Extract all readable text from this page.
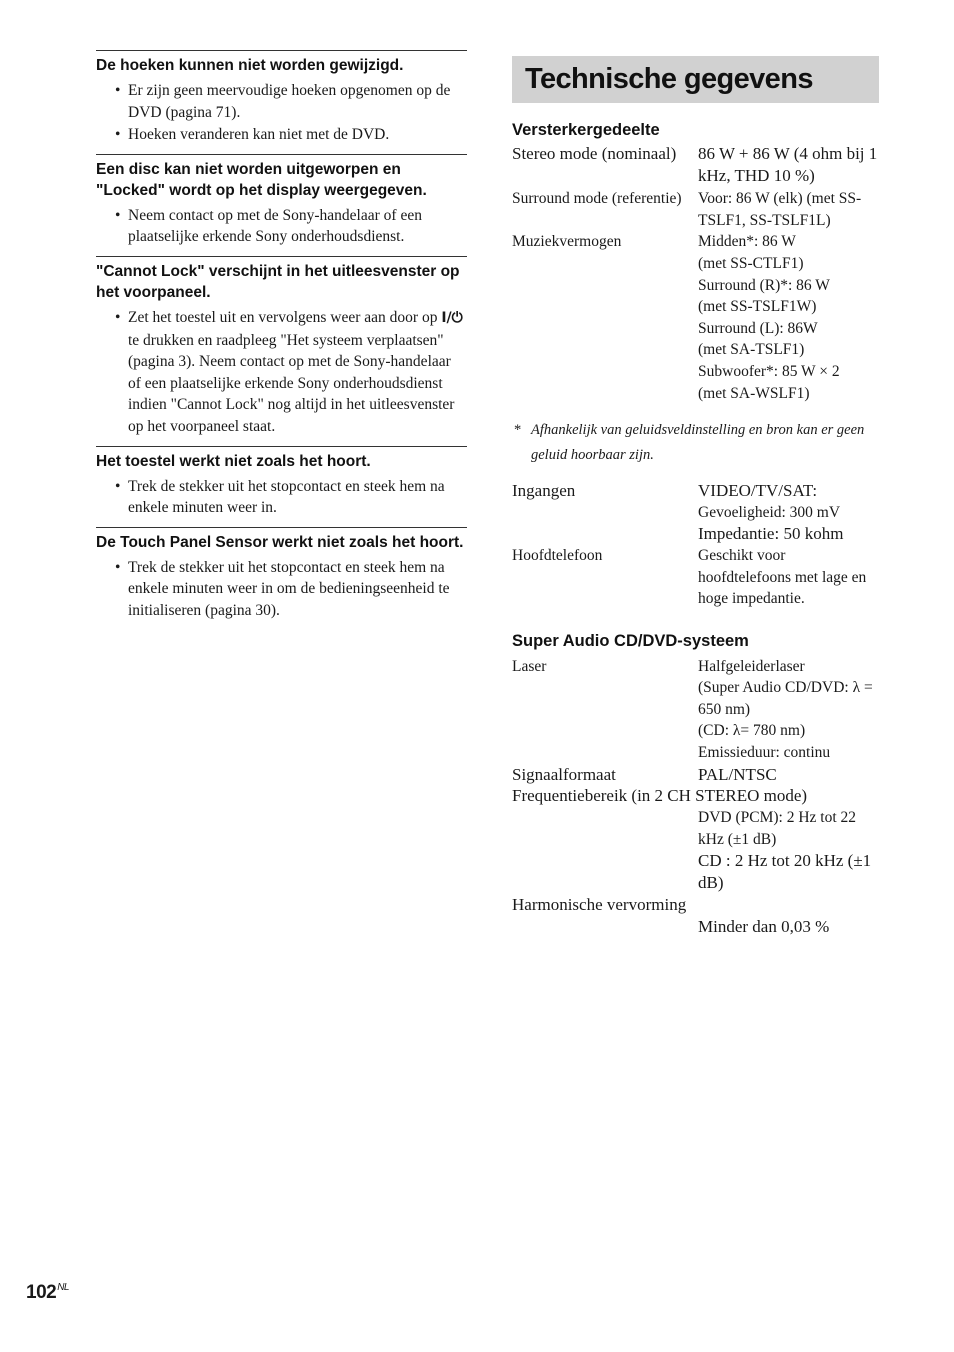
De hoeken kunnen niet worden gewijzigd.
• Er zijn geen meervoudige hoeken opgenomen op de DVD (pagina 71).
• Hoeken veranderen kan niet met de DVD.
Een disc kan niet worden uitgeworpen en "Locked" wordt op het display weergegeven.
• Neem contact op met de Sony-handelaar of een plaatselijke erkende Sony onderhoudsdienst.
"Cannot Lock" verschijnt in het uitleesvenster op het voorpaneel.
• Zet het toestel uit en vervolgens weer aan door op I/⏻ te drukken en raadpleeg "Het systeem verplaatsen" (pagina 3). Neem contact op met de Sony-handelaar of een plaatselijke erkende Sony onderhoudsdienst indien "Cannot Lock" nog altijd in het uitleesvenster op het voorpaneel staat.
Het toestel werkt niet zoals het hoort.
• Trek de stekker uit het stopcontact en steek hem na enkele minuten weer in.
De Touch Panel Sensor werkt niet zoals het hoort.
• Trek de stekker uit het stopcontact en steek hem na enkele minuten weer in om de bedieningseenheid te initialiseren (pagina 30).
Technische gegevens
Versterkergedeelte
Stereo mode (nominaal)	86 W + 86 W (4 ohm bij 1 kHz, THD 10 %)
Surround mode (referentie)	Voor: 86 W (elk) (met SS-TSLF1, SS-TSLF1L)
Muziekvermogen	Midden*: 86 W
(met SS-CTLF1)
Surround (R)*: 86 W
(met SS-TSLF1W)
Surround (L): 86W
(met SA-TSLF1)
Subwoofer*: 85 W × 2
(met SA-WSLF1)
* Afhankelijk van geluidsveldinstelling en bron kan er geen geluid hoorbaar zijn.
Ingangen	VIDEO/TV/SAT:
Gevoeligheid: 300 mV
Impedantie: 50 kohm
Hoofdtelefoon	Geschikt voor hoofdtelefoons met lage en hoge impedantie.
Super Audio CD/DVD-systeem
Laser	Halfgeleiderlaser
(Super Audio CD/DVD: λ = 650 nm)
(CD: λ= 780 nm)
Emissieduur: continu
Signaalformaat	PAL/NTSC
Frequentiebereik (in 2 CH STEREO mode)
DVD (PCM): 2 Hz tot 22 kHz (±1 dB)
CD : 2 Hz tot 20 kHz (±1 dB)
Harmonische vervorming
Minder dan 0,03 %
$102^{NL}$
